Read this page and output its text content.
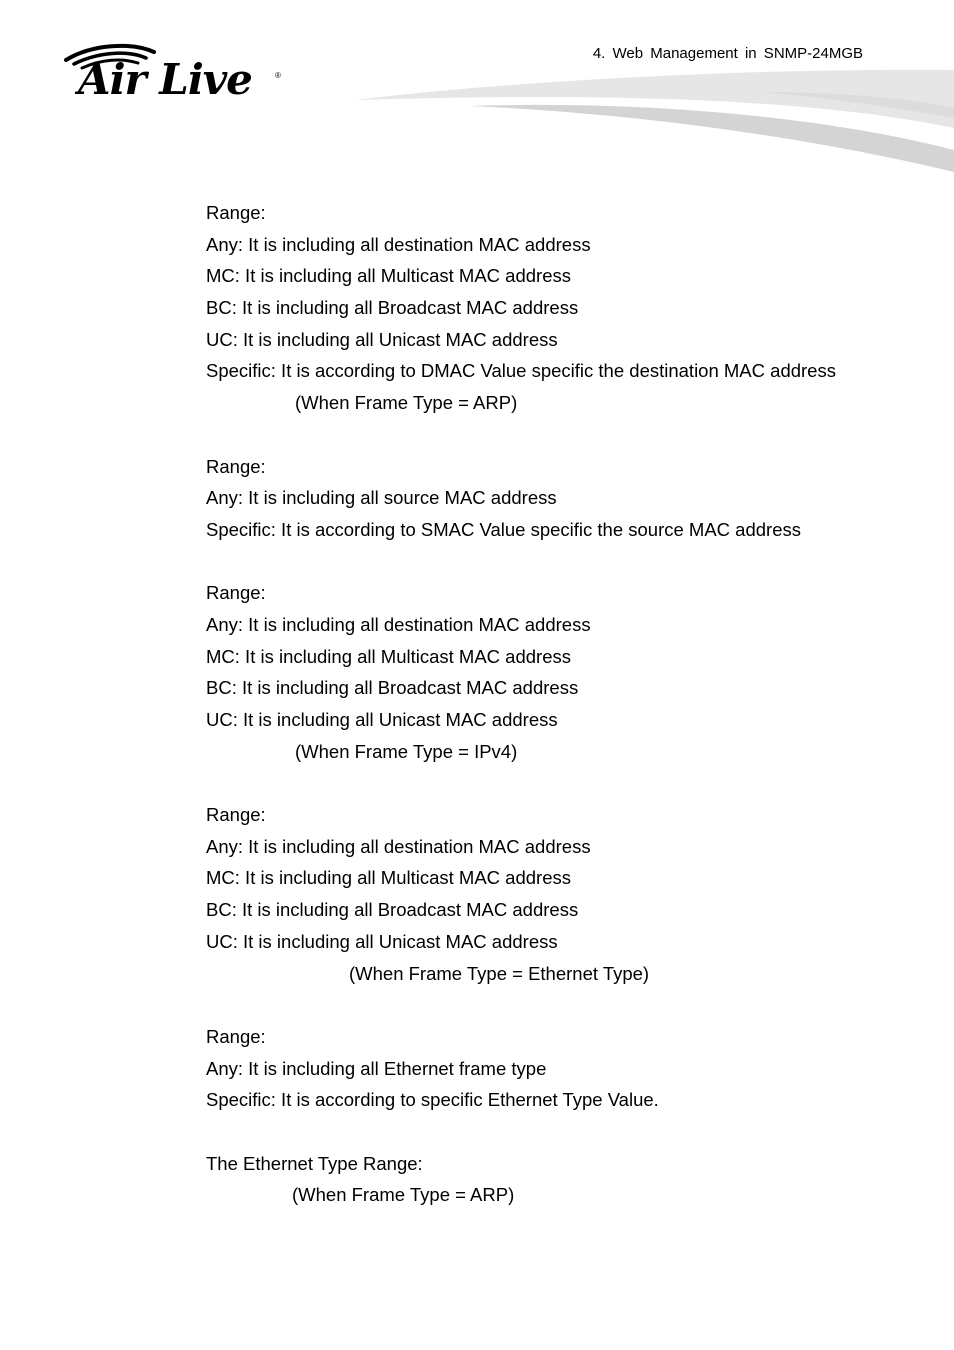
Air Live	®
4. Web Management in SNMP-24MGB
Range:
Any: It is including all destination MAC address
MC: It is including all Multicast MAC address
BC: It is including all Broadcast MAC address
UC: It is including all Unicast MAC address
Specific: It is according to DMAC Value specific the destination MAC address
(When Frame Type = ARP)
Range:
Any: It is including all source MAC address
Specific: It is according to SMAC Value specific the source MAC address
Range:
Any: It is including all destination MAC address
MC: It is including all Multicast MAC address
BC: It is including all Broadcast MAC address
UC: It is including all Unicast MAC address
(When Frame Type = IPv4)
Range:
Any: It is including all destination MAC address
MC: It is including all Multicast MAC address
BC: It is including all Broadcast MAC address
UC: It is including all Unicast MAC address
(When Frame Type = Ethernet Type)
Range:
Any: It is including all Ethernet frame type
Specific: It is according to specific Ethernet Type Value.
The Ethernet Type Range:
(When Frame Type = ARP)
